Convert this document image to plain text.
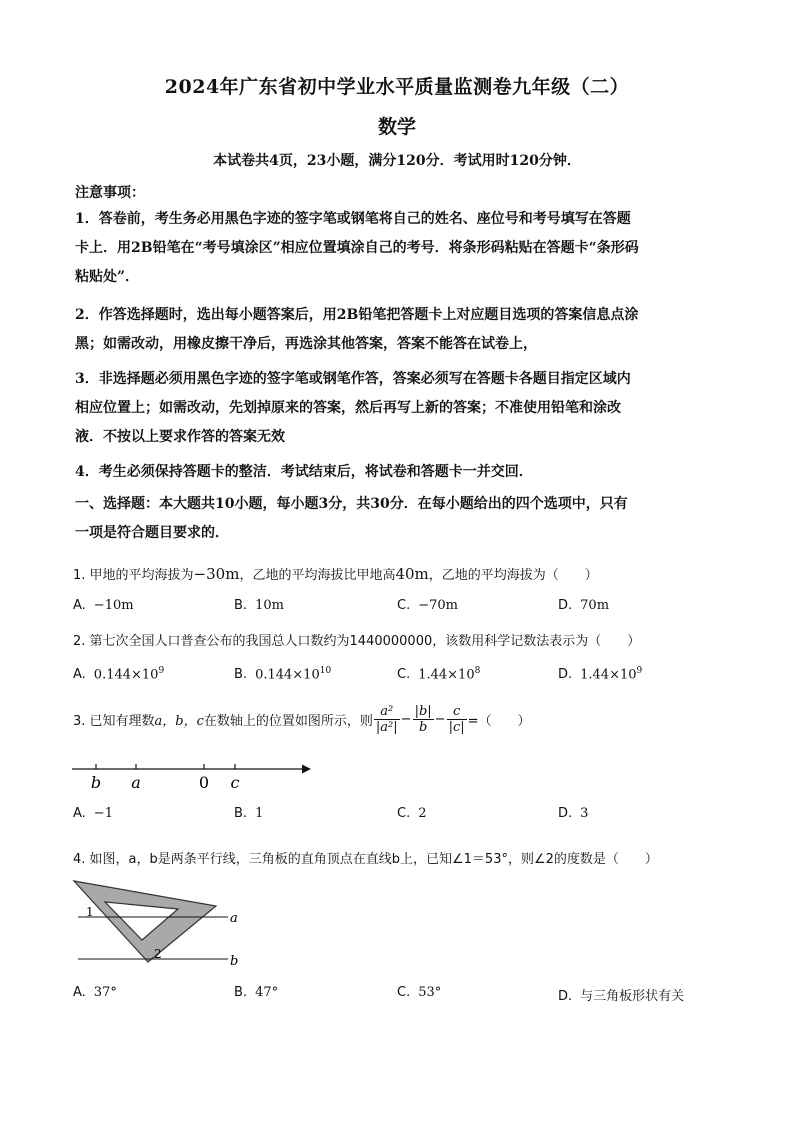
2024年广东省初中学业水平质量监测卷九年级（二）
数学
本试卷共4页，23小题，满分120分．考试用时120分钟．
注意事项：
1．答卷前，考生务必用黑色字迹的签字笔或钢笔将自己的姓名、座位号和考号填写在答题
卡上．用2B铅笔在“考号填涂区”相应位置填涂自己的考号．将条形码粘贴在答题卡“条形码
粘贴处”．
2．作答选择题时，选出每小题答案后，用2B铅笔把答题卡上对应题目选项的答案信息点涂
黑；如需改动，用橡皮擦干净后，再选涂其他答案，答案不能答在试卷上，
3．非选择题必须用黑色字迹的签字笔或钢笔作答，答案必须写在答题卡各题目指定区域内
相应位置上；如需改动，先划掉原来的答案，然后再写上新的答案；不准使用铅笔和涂改
液．不按以上要求作答的答案无效
4．考生必须保持答题卡的整洁．考试结束后，将试卷和答题卡一并交回．
一、选择题：本大题共10小题，每小题3分，共30分．在每小题给出的四个选项中，只有
一项是符合题目要求的．
1. 甲地的平均海拔为−30m，乙地的平均海拔比甲地高40m，乙地的平均海拔为（　　）
A. −10m	B. 10m	C. −70m	D. 70m
2. 第七次全国人口普查公布的我国总人口数约为1440000000，该数用科学记数法表示为（　　）
A. $0.144\times 10^9$	B. $0.144\times 10^{10}$	C. $1.44\times 10^8$	D. $1.44\times 10^9$
3. 已知有理数 a，b，c 在数轴上的位置如图所示，则 $\frac{\text{a²}}{\text{|a²|}} - \frac{|b|}{b} - \frac{c}{|c|}$ =（　　）
b a	0 c
A. −1	B. 1	C. 2	D. 3
4. 如图，a，b是两条平行线，三角板的直角顶点在直线b上，已知∠1＝53°，则∠2的度数是（　　）
1
2
a
b
A. 37°	B. 47°	C. 53°	D. 与三角板形状有关
